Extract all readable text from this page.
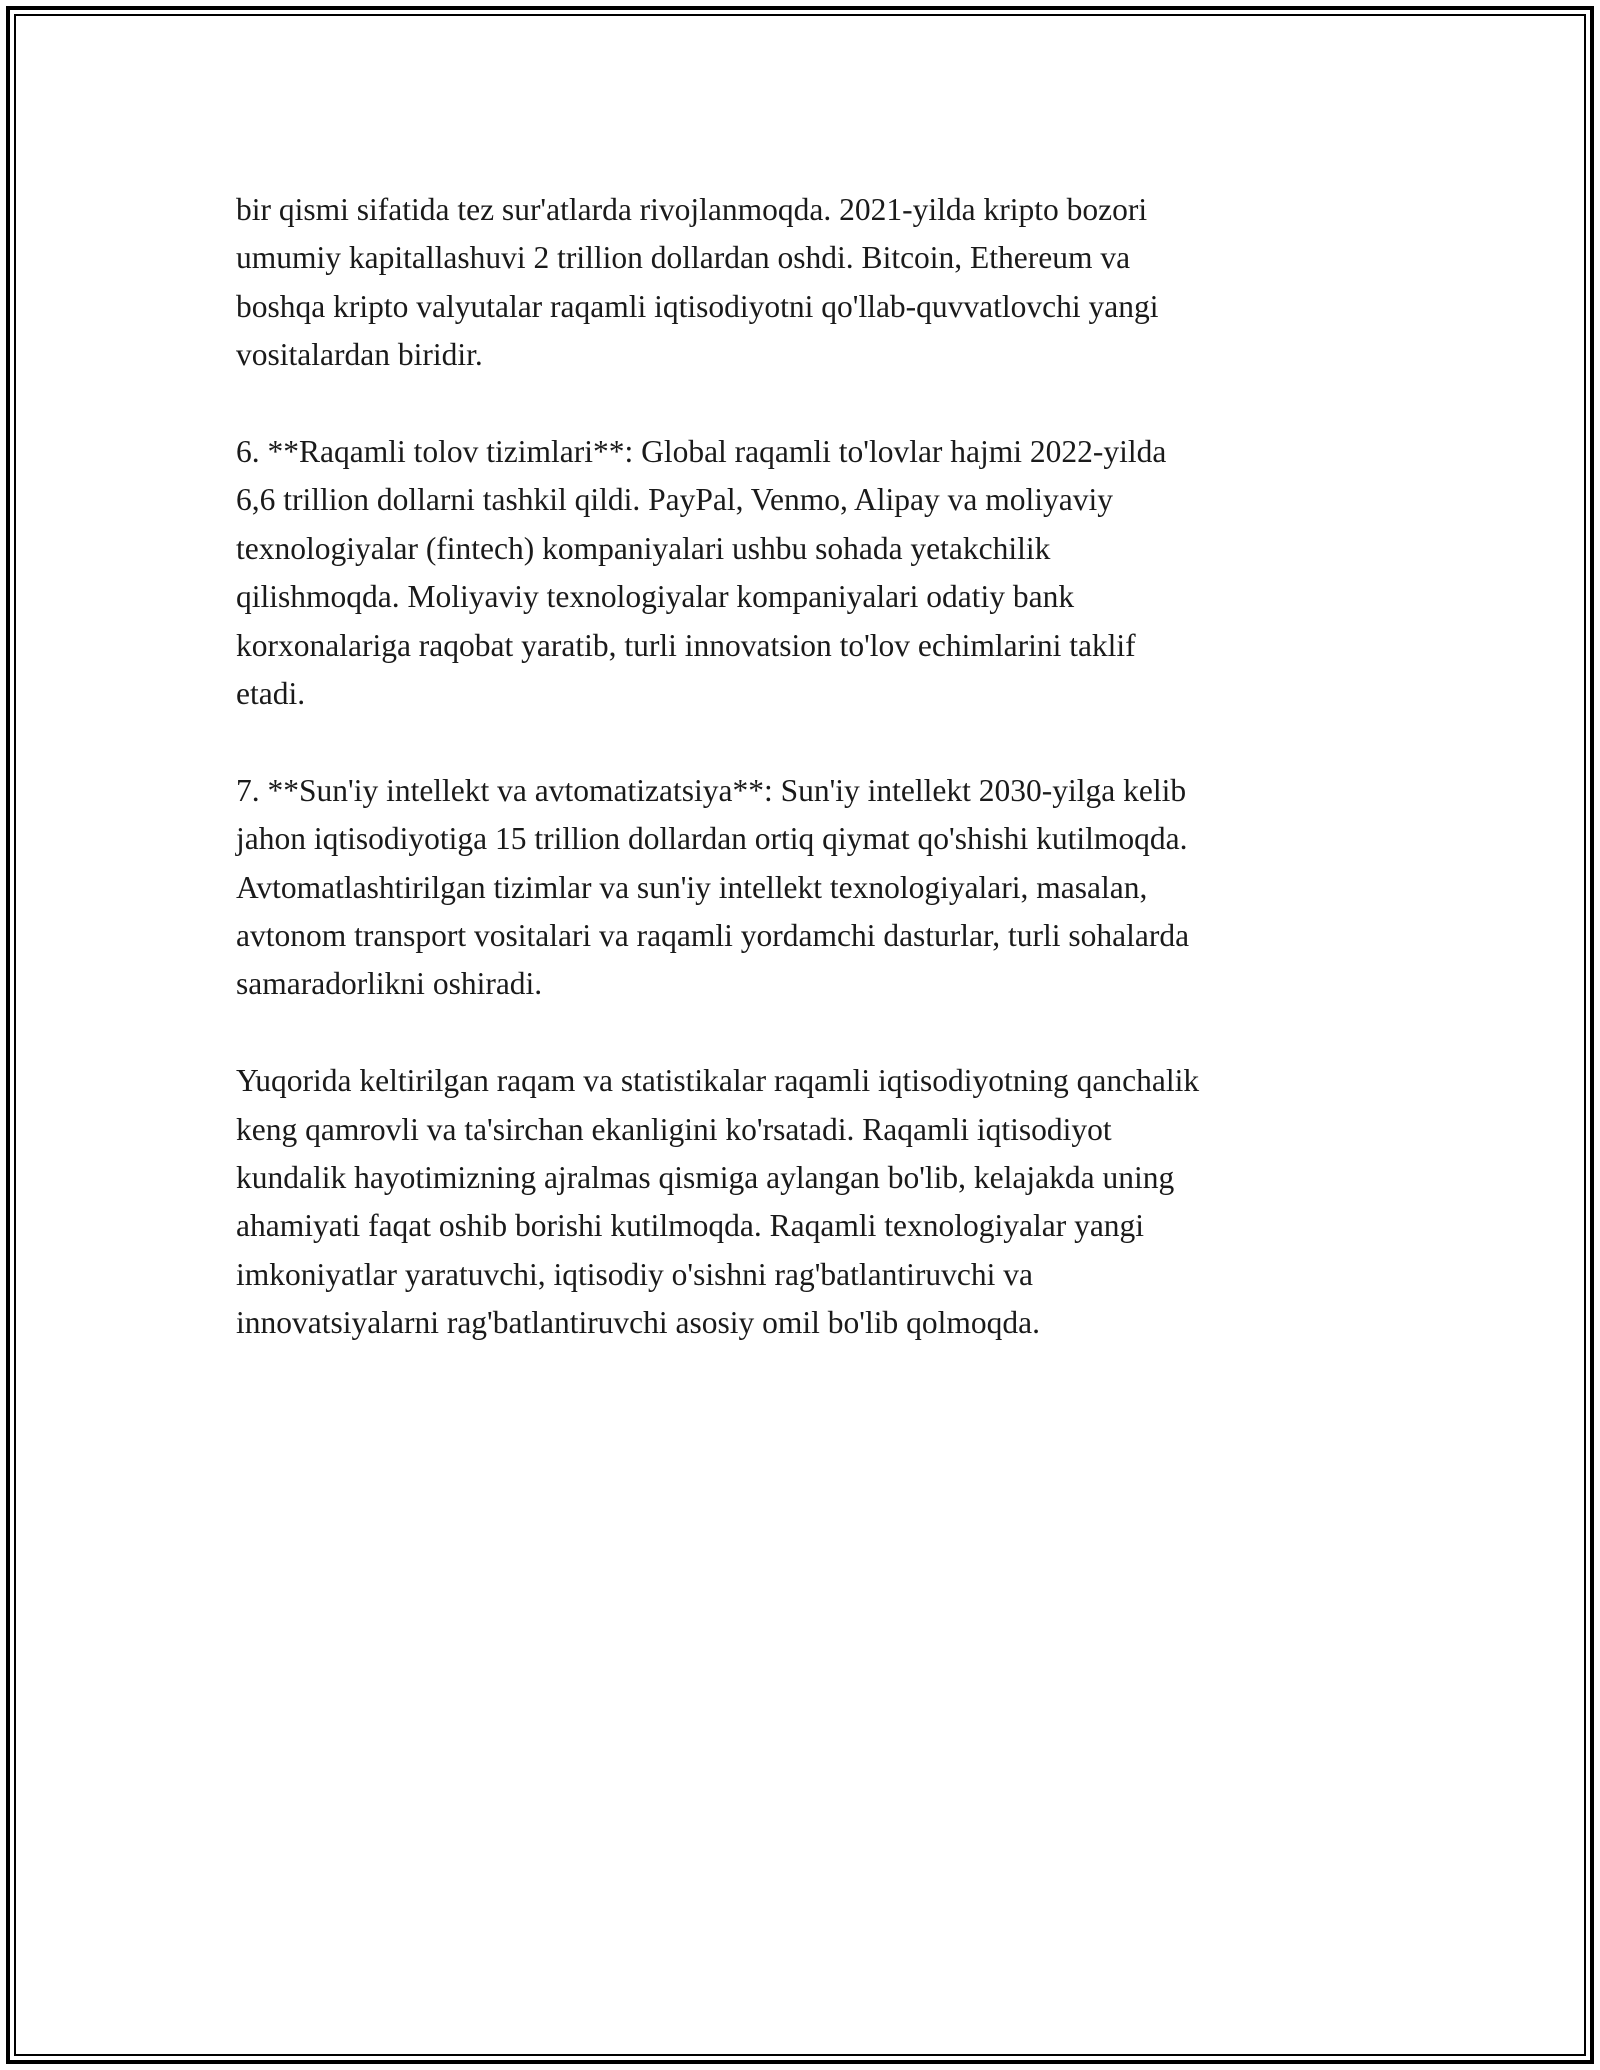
bir qismi sifatida tez sur'atlarda rivojlanmoqda. 2021-yilda kripto bozori
umumiy kapitallashuvi 2 trillion dollardan oshdi. Bitcoin, Ethereum va
boshqa kripto valyutalar raqamli iqtisodiyotni qo'llab-quvvatlovchi yangi
vositalardan biridir.

6. **Raqamli tolov tizimlari**: Global raqamli to'lovlar hajmi 2022-yilda
6,6 trillion dollarni tashkil qildi. PayPal, Venmo, Alipay va moliyaviy
texnologiyalar (fintech) kompaniyalari ushbu sohada yetakchilik
qilishmoqda. Moliyaviy texnologiyalar kompaniyalari odatiy bank
korxonalariga raqobat yaratib, turli innovatsion to'lov echimlarini taklif
etadi.

7. **Sun'iy intellekt va avtomatizatsiya**: Sun'iy intellekt 2030-yilga kelib
jahon iqtisodiyotiga 15 trillion dollardan ortiq qiymat qo'shishi kutilmoqda.
Avtomatlashtirilgan tizimlar va sun'iy intellekt texnologiyalari, masalan,
avtonom transport vositalari va raqamli yordamchi dasturlar, turli sohalarda
samaradorlikni oshiradi.

Yuqorida keltirilgan raqam va statistikalar raqamli iqtisodiyotning qanchalik
keng qamrovli va ta'sirchan ekanligini ko'rsatadi. Raqamli iqtisodiyot
kundalik hayotimizning ajralmas qismiga aylangan bo'lib, kelajakda uning
ahamiyati faqat oshib borishi kutilmoqda. Raqamli texnologiyalar yangi
imkoniyatlar yaratuvchi, iqtisodiy o'sishni rag'batlantiruvchi va
innovatsiyalarni rag'batlantiruvchi asosiy omil bo'lib qolmoqda.
